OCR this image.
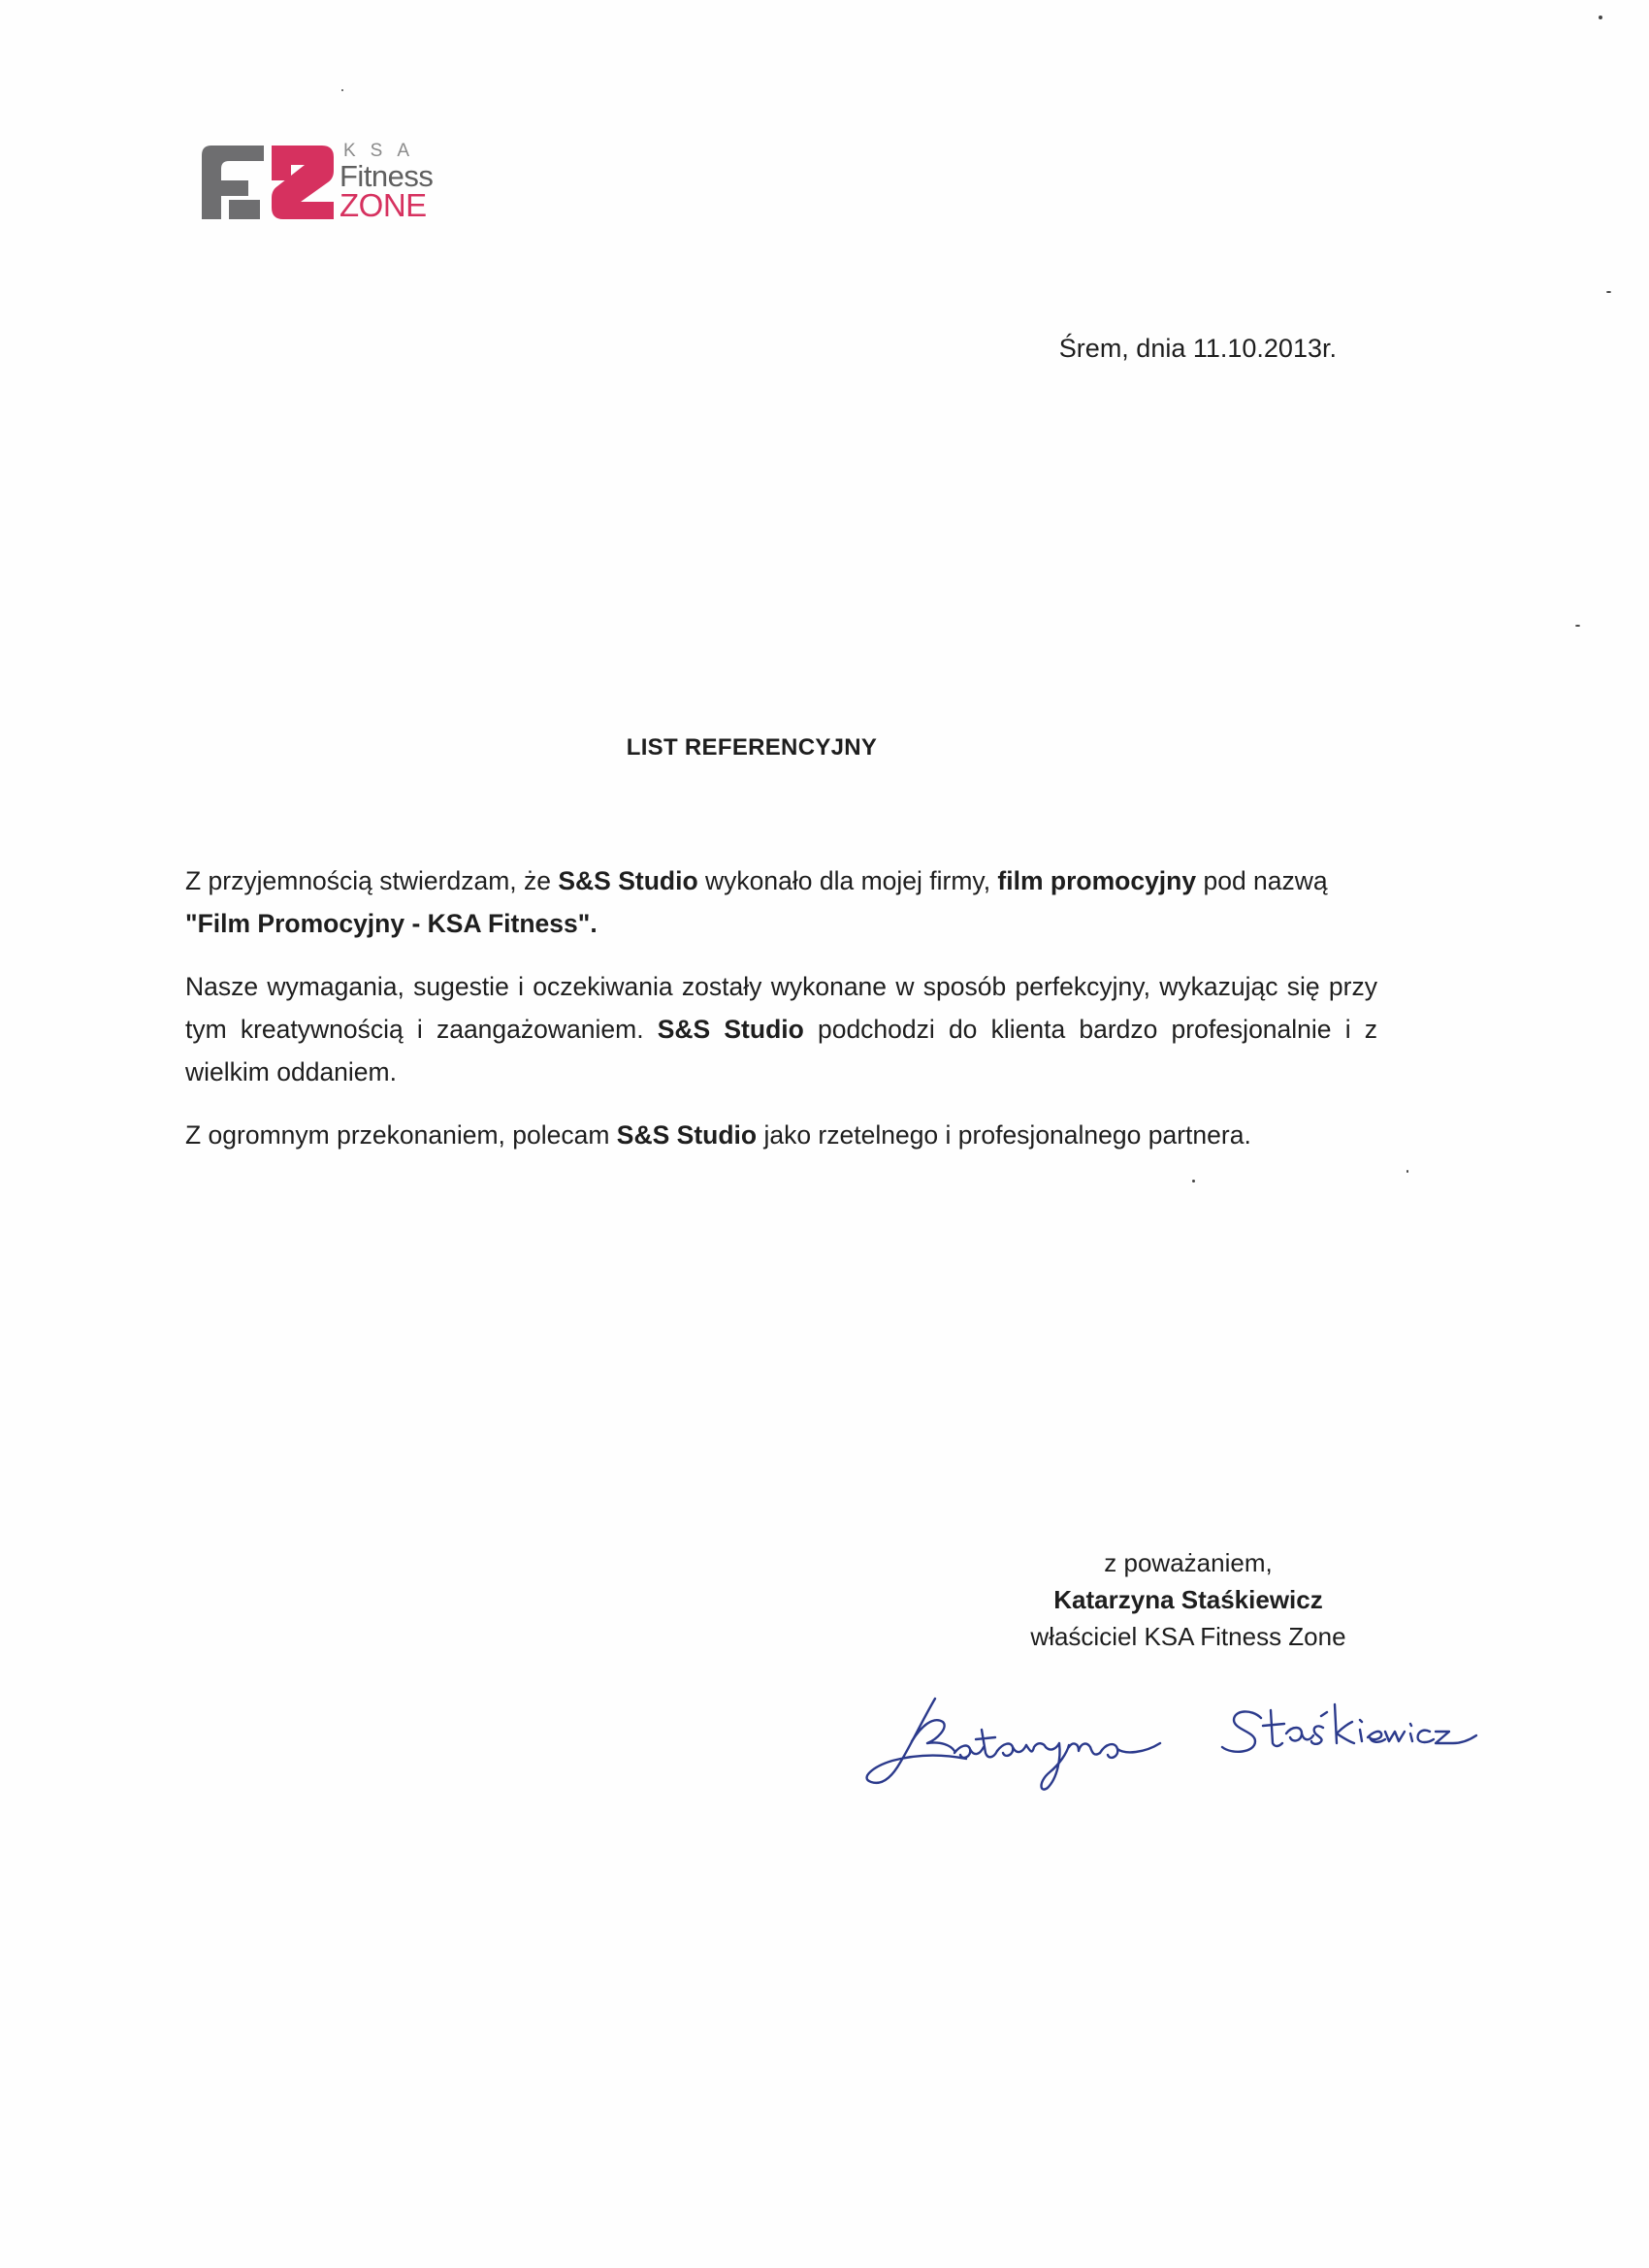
KSA
Fitness
ZONE
Śrem, dnia 11.10.2013r.
LIST REFERENCYJNY

Z przyjemnością stwierdzam, że S&S Studio wykonało dla mojej firmy, film promocyjny pod nazwą
"Film Promocyjny - KSA Fitness".

Nasze wymagania, sugestie i oczekiwania zostały wykonane w sposób perfekcyjny, wykazując się przy tym kreatywnością i zaangażowaniem. S&S Studio podchodzi do klienta bardzo profesjonalnie i z wielkim oddaniem.

Z ogromnym przekonaniem, polecam S&S Studio jako rzetelnego i profesjonalnego partnera.

z poważaniem,
Katarzyna Staśkiewicz
właściciel KSA Fitness Zone
